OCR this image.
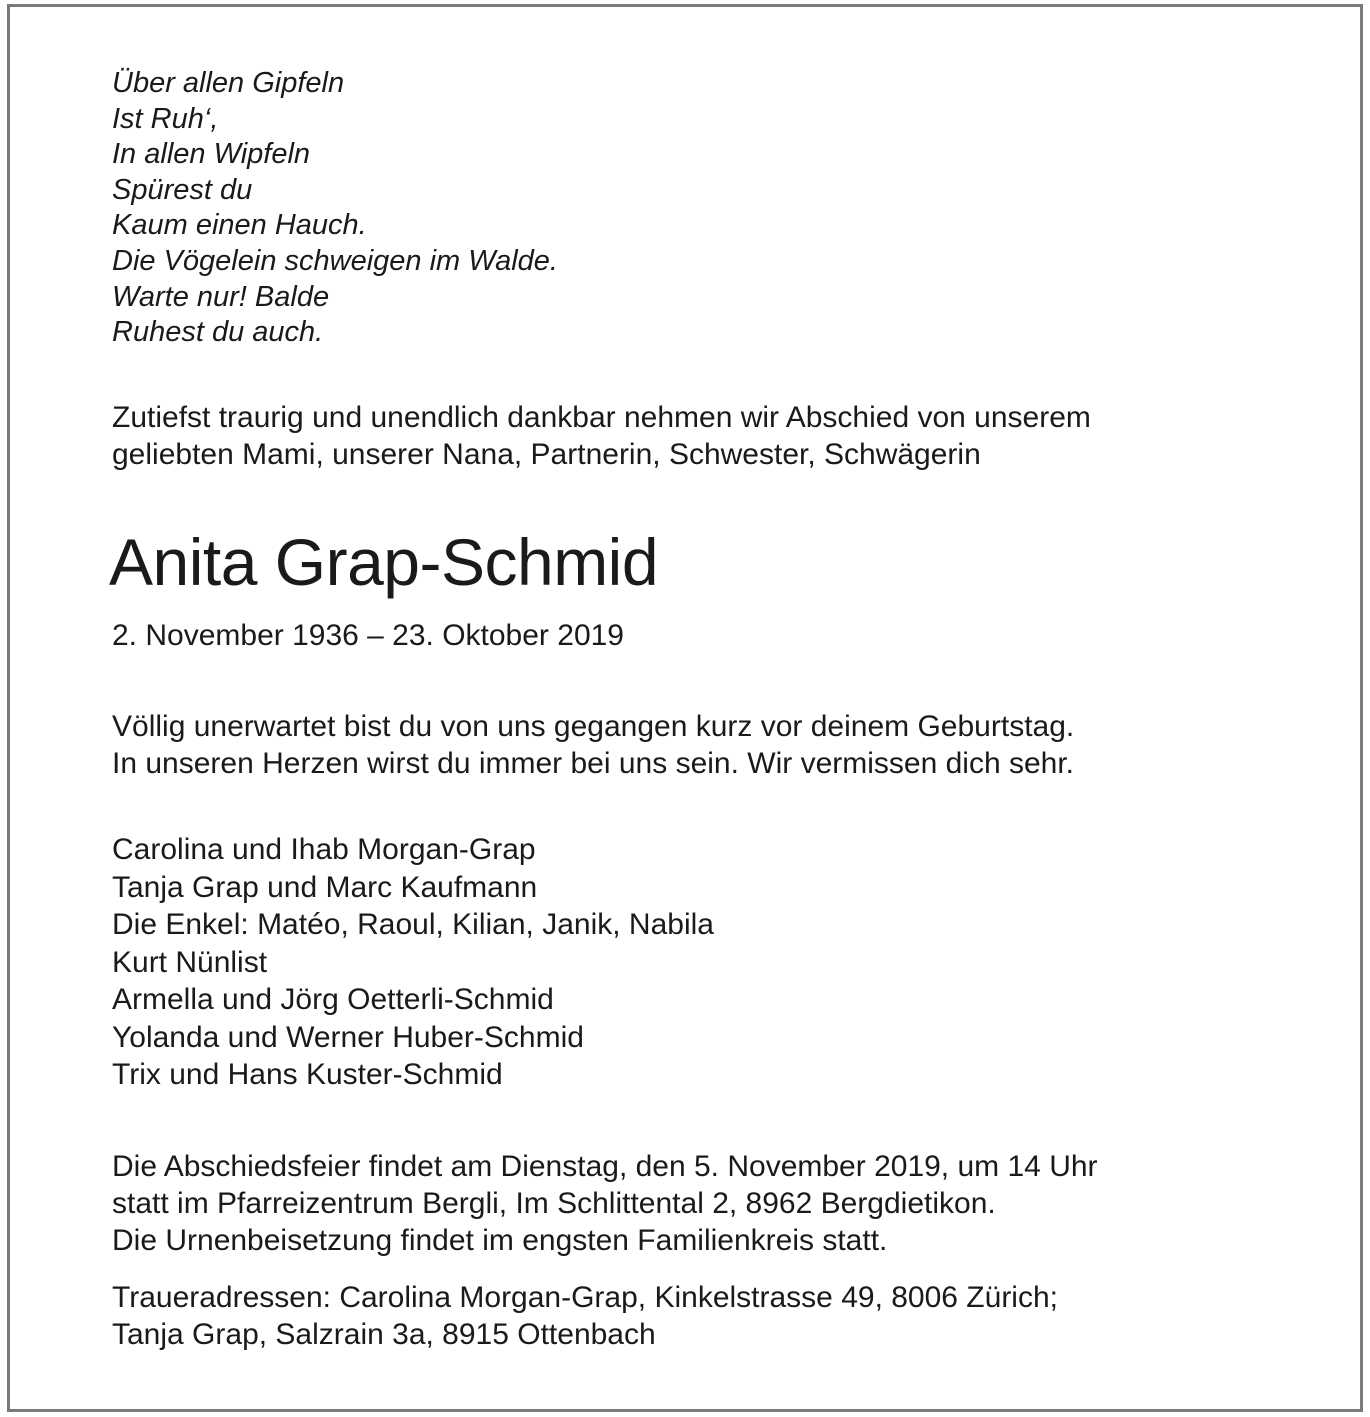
Über allen Gipfeln
Ist Ruh‘,
In allen Wipfeln
Spürest du
Kaum einen Hauch.
Die Vögelein schweigen im Walde.
Warte nur! Balde
Ruhest du auch.

Zutiefst traurig und unendlich dankbar nehmen wir Abschied von unserem
geliebten Mami, unserer Nana, Partnerin, Schwester, Schwägerin

Anita Grap-Schmid

2. November 1936 – 23. Oktober 2019

Völlig unerwartet bist du von uns gegangen kurz vor deinem Geburtstag.
In unseren Herzen wirst du immer bei uns sein. Wir vermissen dich sehr.

Carolina und Ihab Morgan-Grap
Tanja Grap und Marc Kaufmann
Die Enkel: Matéo, Raoul, Kilian, Janik, Nabila
Kurt Nünlist
Armella und Jörg Oetterli-Schmid
Yolanda und Werner Huber-Schmid
Trix und Hans Kuster-Schmid

Die Abschiedsfeier findet am Dienstag, den 5. November 2019, um 14 Uhr
statt im Pfarreizentrum Bergli, Im Schlittental 2, 8962 Bergdietikon.
Die Urnenbeisetzung findet im engsten Familienkreis statt.

Traueradressen: Carolina Morgan-Grap, Kinkelstrasse 49, 8006 Zürich;
Tanja Grap, Salzrain 3a, 8915 Ottenbach
